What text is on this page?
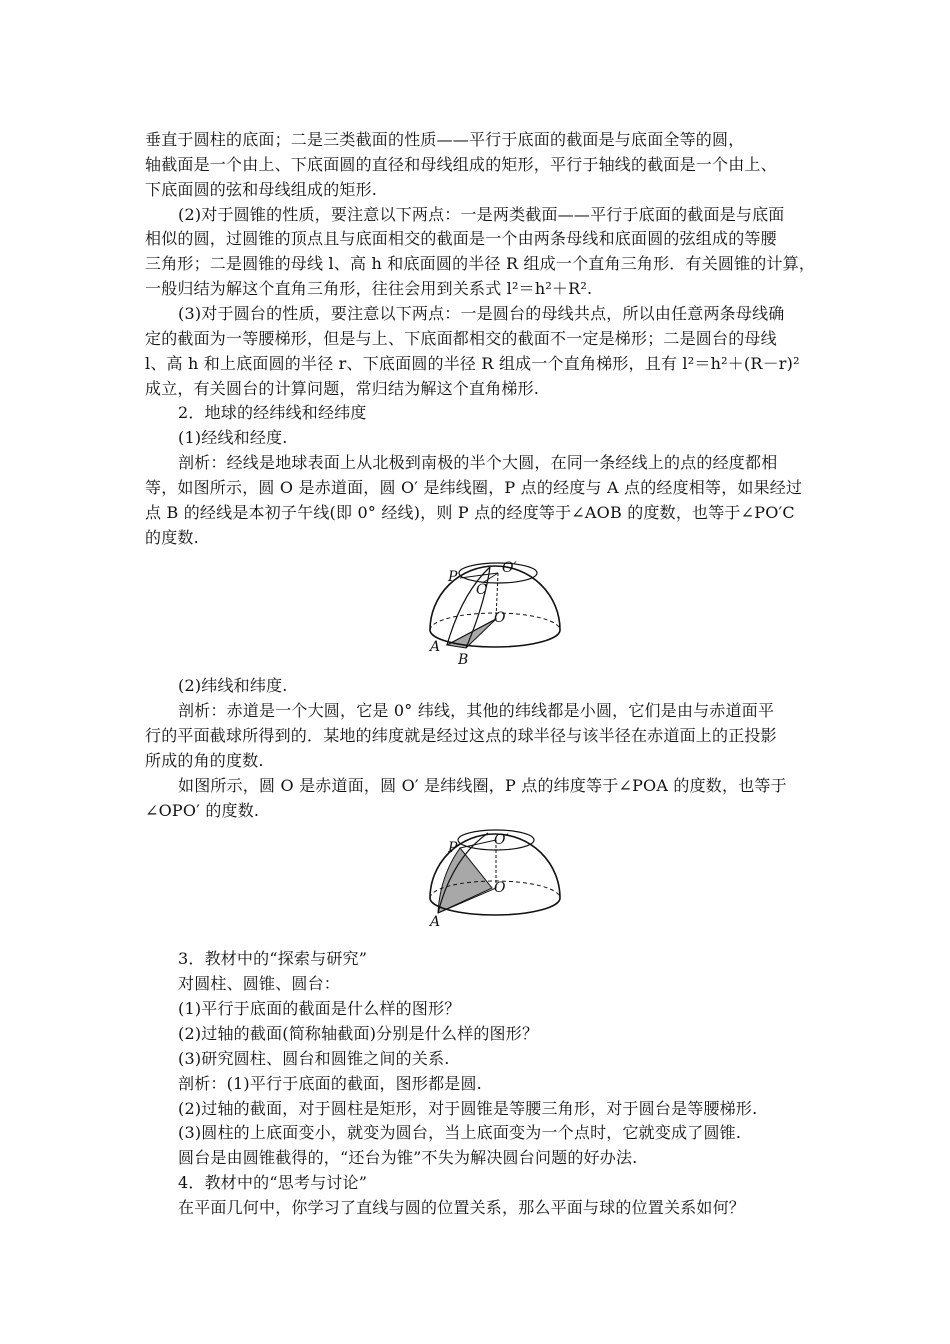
垂直于圆柱的底面；二是三类截面的性质——平行于底面的截面是与底面全等的圆，
轴截面是一个由上、下底面圆的直径和母线组成的矩形，平行于轴线的截面是一个由上、
下底面圆的弦和母线组成的矩形.
(2)对于圆锥的性质，要注意以下两点：一是两类截面——平行于底面的截面是与底面
相似的圆，过圆锥的顶点且与底面相交的截面是一个由两条母线和底面圆的弦组成的等腰
三角形；二是圆锥的母线 l、高 h 和底面圆的半径 R 组成一个直角三角形．有关圆锥的计算，
一般归结为解这个直角三角形，往往会用到关系式 l²＝h²＋R².
(3)对于圆台的性质，要注意以下两点：一是圆台的母线共点，所以由任意两条母线确
定的截面为一等腰梯形，但是与上、下底面都相交的截面不一定是梯形；二是圆台的母线
l、高 h 和上底面圆的半径 r、下底面圆的半径 R 组成一个直角梯形，且有 l²＝h²＋(R－r)²
成立，有关圆台的计算问题，常归结为解这个直角梯形.
2．地球的经纬线和经纬度
(1)经线和经度.
剖析：经线是地球表面上从北极到南极的半个大圆，在同一条经线上的点的经度都相
等，如图所示，圆 O 是赤道面，圆 O′ 是纬线圈，P 点的经度与 A 点的经度相等，如果经过
点 B 的经线是本初子午线(即 0° 经线)，则 P 点的经度等于∠AOB 的度数，也等于∠PO′C
的度数.
P
O′
C
O
A
B
(2)纬线和纬度.
剖析：赤道是一个大圆，它是 0° 纬线，其他的纬线都是小圆，它们是由与赤道面平
行的平面截球所得到的．某地的纬度就是经过这点的球半径与该半径在赤道面上的正投影
所成的角的度数.
如图所示，圆 O 是赤道面，圆 O′ 是纬线圈，P 点的纬度等于∠POA 的度数，也等于
∠OPO′ 的度数.
P	O′
O
A
3．教材中的“探索与研究”
对圆柱、圆锥、圆台：
(1)平行于底面的截面是什么样的图形？
(2)过轴的截面(简称轴截面)分别是什么样的图形？
(3)研究圆柱、圆台和圆锥之间的关系.
剖析：(1)平行于底面的截面，图形都是圆.
(2)过轴的截面，对于圆柱是矩形，对于圆锥是等腰三角形，对于圆台是等腰梯形.
(3)圆柱的上底面变小，就变为圆台，当上底面变为一个点时，它就变成了圆锥.
圆台是由圆锥截得的，“还台为锥”不失为解决圆台问题的好办法.
4．教材中的“思考与讨论”
在平面几何中，你学习了直线与圆的位置关系，那么平面与球的位置关系如何？
